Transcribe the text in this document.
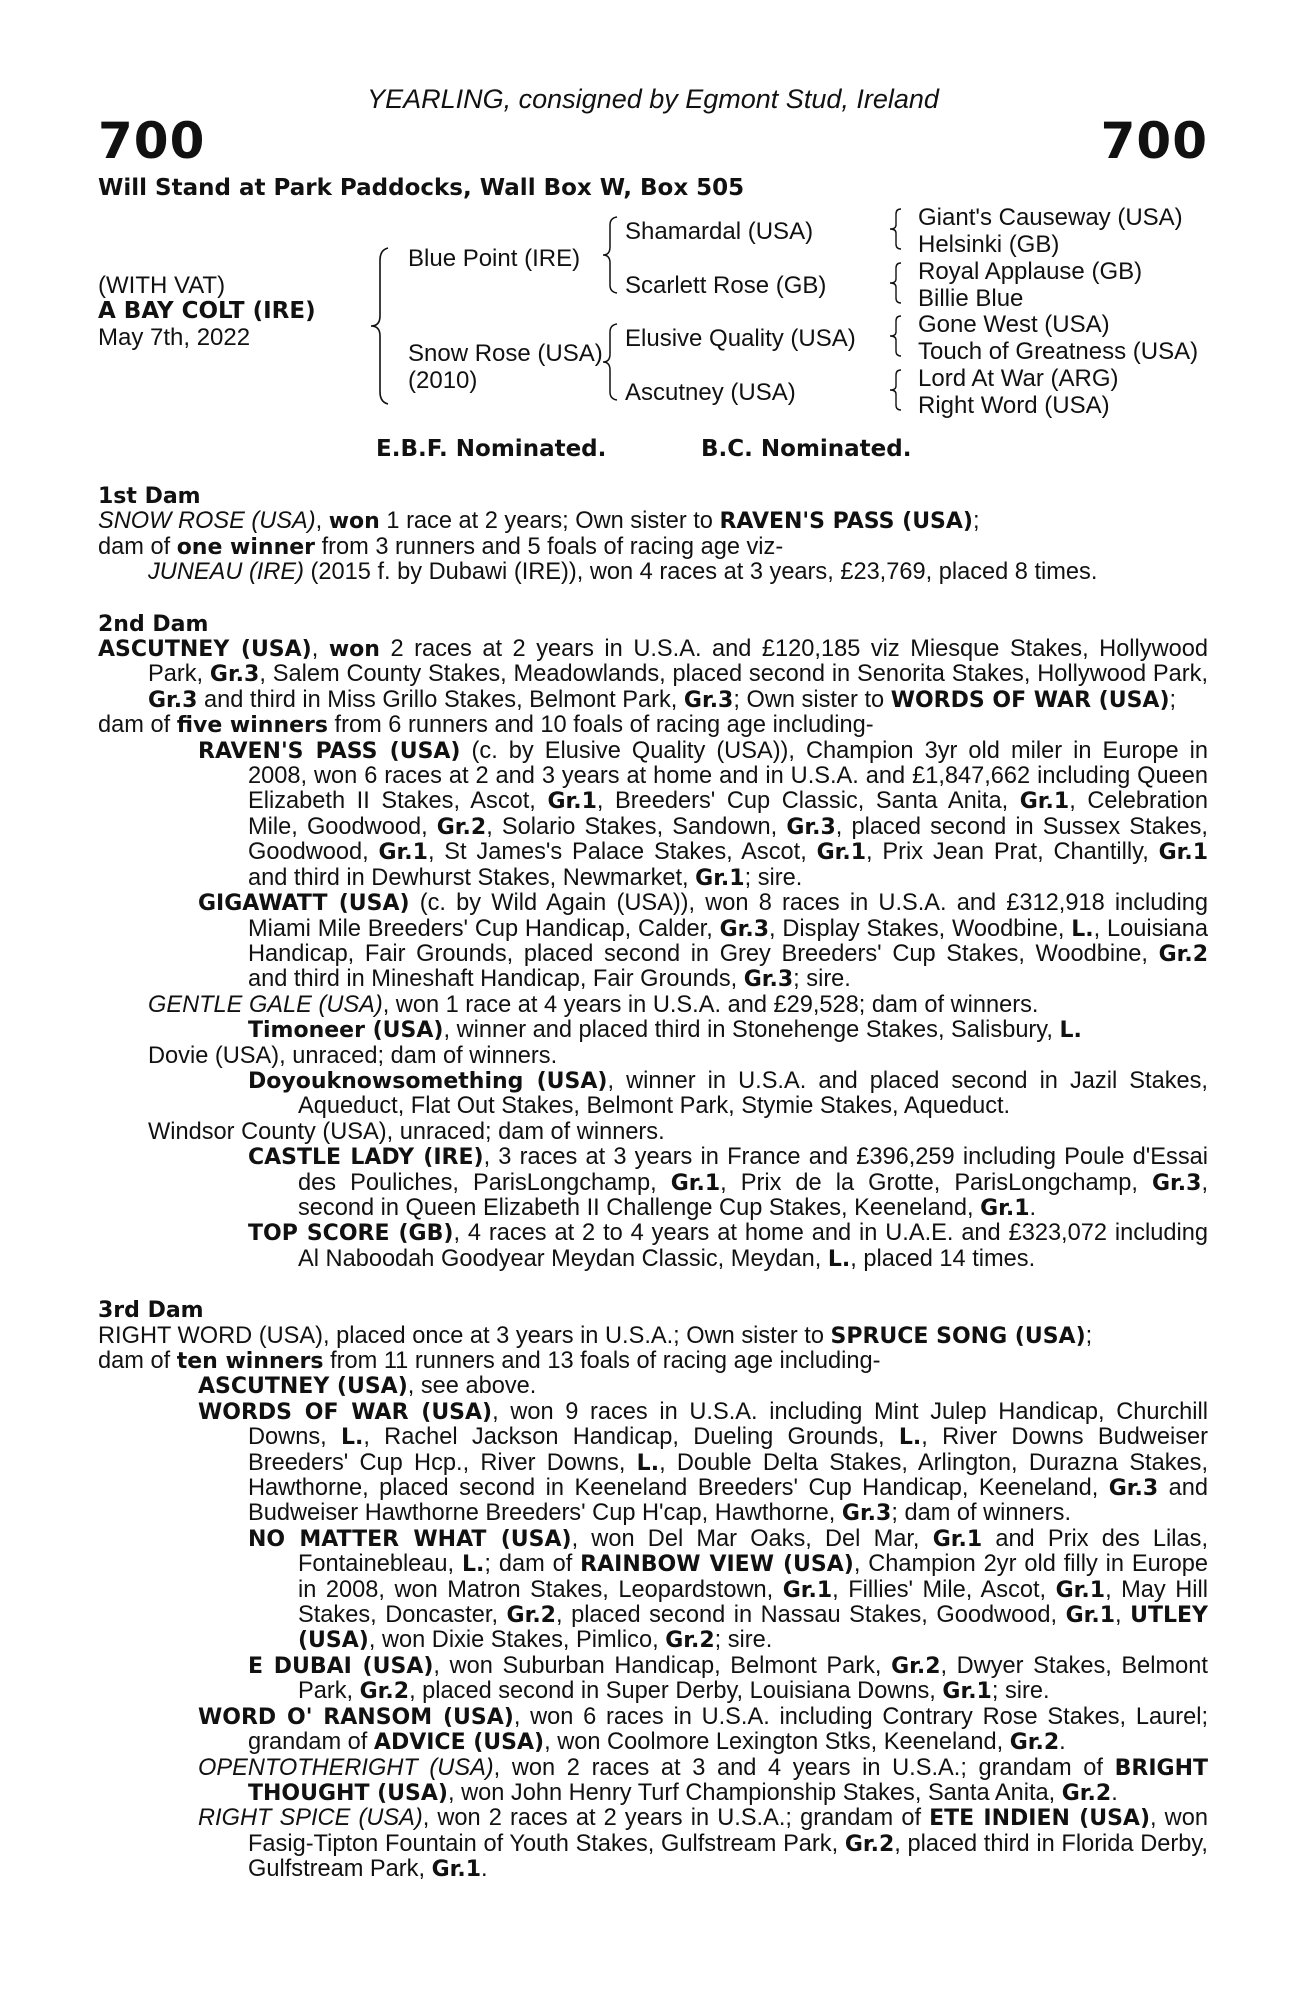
YEARLING, consigned by Egmont Stud, Ireland
700	700
Will Stand at Park Paddocks, Wall Box W, Box 505
(WITH VAT)
A BAY COLT (IRE)
May 7th, 2022
Blue Point (IRE)
Snow Rose (USA)
(2010)
Shamardal (USA)
Scarlett Rose (GB)
Elusive Quality (USA)
Ascutney (USA)
Giant's Causeway (USA)
Helsinki (GB)
Royal Applause (GB)
Billie Blue
Gone West (USA)
Touch of Greatness (USA)
Lord At War (ARG)
Right Word (USA)
E.B.F. Nominated.	B.C. Nominated.
1st Dam

SNOW ROSE (USA), won 1 race at 2 years; Own sister to RAVEN'S PASS (USA);

dam of one winner from 3 runners and 5 foals of racing age viz-

JUNEAU (IRE) (2015 f. by Dubawi (IRE)), won 4 races at 3 years, £23,769, placed 8 times.

2nd Dam

ASCUTNEY (USA), won 2 races at 2 years in U.S.A. and £120,185 viz Miesque Stakes, Hollywood Park, Gr.3, Salem County Stakes, Meadowlands, placed second in Senorita Stakes, Hollywood Park, Gr.3 and third in Miss Grillo Stakes, Belmont Park, Gr.3; Own sister to WORDS OF WAR (USA);

dam of five winners from 6 runners and 10 foals of racing age including-

RAVEN'S PASS (USA) (c. by Elusive Quality (USA)), Champion 3yr old miler in Europe in 2008, won 6 races at 2 and 3 years at home and in U.S.A. and £1,847,662 including Queen Elizabeth II Stakes, Ascot, Gr.1, Breeders' Cup Classic, Santa Anita, Gr.1, Celebration Mile, Goodwood, Gr.2, Solario Stakes, Sandown, Gr.3, placed second in Sussex Stakes, Goodwood, Gr.1, St James's Palace Stakes, Ascot, Gr.1, Prix Jean Prat, Chantilly, Gr.1 and third in Dewhurst Stakes, Newmarket, Gr.1; sire.

GIGAWATT (USA) (c. by Wild Again (USA)), won 8 races in U.S.A. and £312,918 including Miami Mile Breeders' Cup Handicap, Calder, Gr.3, Display Stakes, Woodbine, L., Louisiana Handicap, Fair Grounds, placed second in Grey Breeders' Cup Stakes, Woodbine, Gr.2 and third in Mineshaft Handicap, Fair Grounds, Gr.3; sire.

GENTLE GALE (USA), won 1 race at 4 years in U.S.A. and £29,528; dam of winners.

Timoneer (USA), winner and placed third in Stonehenge Stakes, Salisbury, L.

Dovie (USA), unraced; dam of winners.

Doyouknowsomething (USA), winner in U.S.A. and placed second in Jazil Stakes, Aqueduct, Flat Out Stakes, Belmont Park, Stymie Stakes, Aqueduct.

Windsor County (USA), unraced; dam of winners.

CASTLE LADY (IRE), 3 races at 3 years in France and £396,259 including Poule d'Essai des Pouliches, ParisLongchamp, Gr.1, Prix de la Grotte, ParisLongchamp, Gr.3, second in Queen Elizabeth II Challenge Cup Stakes, Keeneland, Gr.1.

TOP SCORE (GB), 4 races at 2 to 4 years at home and in U.A.E. and £323,072 including Al Naboodah Goodyear Meydan Classic, Meydan, L., placed 14 times.

3rd Dam

RIGHT WORD (USA), placed once at 3 years in U.S.A.; Own sister to SPRUCE SONG (USA);

dam of ten winners from 11 runners and 13 foals of racing age including-

ASCUTNEY (USA), see above.

WORDS OF WAR (USA), won 9 races in U.S.A. including Mint Julep Handicap, Churchill Downs, L., Rachel Jackson Handicap, Dueling Grounds, L., River Downs Budweiser Breeders' Cup Hcp., River Downs, L., Double Delta Stakes, Arlington, Durazna Stakes, Hawthorne, placed second in Keeneland Breeders' Cup Handicap, Keeneland, Gr.3 and Budweiser Hawthorne Breeders' Cup H'cap, Hawthorne, Gr.3; dam of winners.

NO MATTER WHAT (USA), won Del Mar Oaks, Del Mar, Gr.1 and Prix des Lilas, Fontainebleau, L.; dam of RAINBOW VIEW (USA), Champion 2yr old filly in Europe in 2008, won Matron Stakes, Leopardstown, Gr.1, Fillies' Mile, Ascot, Gr.1, May Hill Stakes, Doncaster, Gr.2, placed second in Nassau Stakes, Goodwood, Gr.1, UTLEY (USA), won Dixie Stakes, Pimlico, Gr.2; sire.

E DUBAI (USA), won Suburban Handicap, Belmont Park, Gr.2, Dwyer Stakes, Belmont Park, Gr.2, placed second in Super Derby, Louisiana Downs, Gr.1; sire.

WORD O' RANSOM (USA), won 6 races in U.S.A. including Contrary Rose Stakes, Laurel; grandam of ADVICE (USA), won Coolmore Lexington Stks, Keeneland, Gr.2.

OPENTOTHERIGHT (USA), won 2 races at 3 and 4 years in U.S.A.; grandam of BRIGHT THOUGHT (USA), won John Henry Turf Championship Stakes, Santa Anita, Gr.2.

RIGHT SPICE (USA), won 2 races at 2 years in U.S.A.; grandam of ETE INDIEN (USA), won Fasig-Tipton Fountain of Youth Stakes, Gulfstream Park, Gr.2, placed third in Florida Derby, Gulfstream Park, Gr.1.
